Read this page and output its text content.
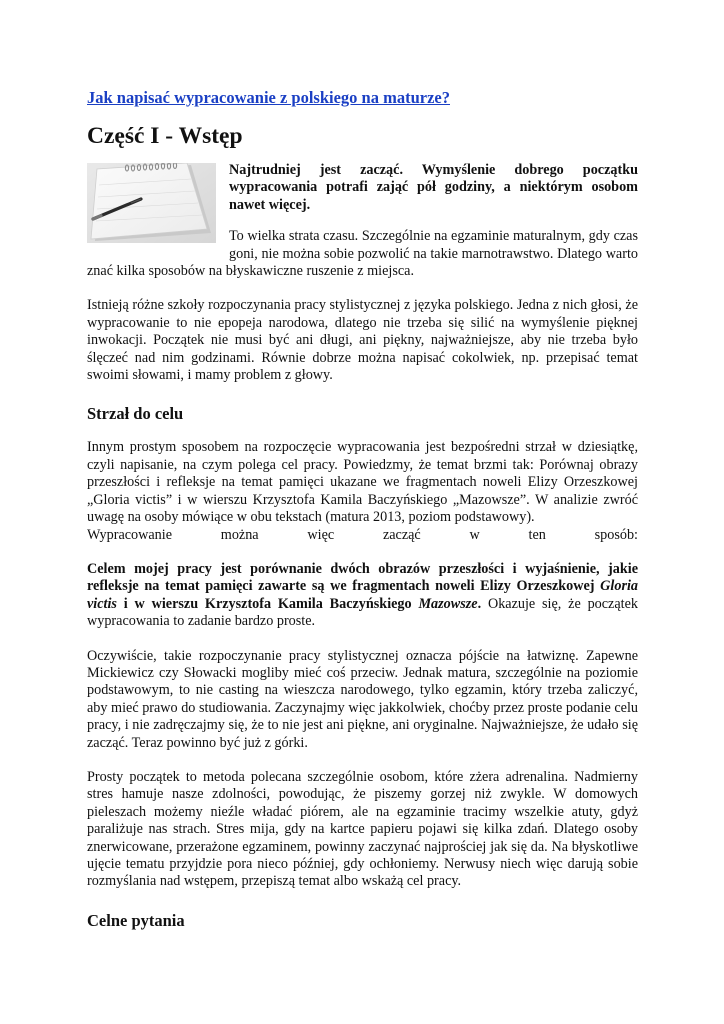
Jak napisać wypracowanie z polskiego na maturze?
Część I - Wstęp

Najtrudniej jest zacząć. Wymyślenie dobrego początku wypracowania potrafi zająć pół godziny, a niektórym osobom nawet więcej.

To wielka strata czasu. Szczególnie na egzaminie maturalnym, gdy czas goni, nie można sobie pozwolić na takie marnotrawstwo. Dlatego warto znać kilka sposobów na błyskawiczne ruszenie z miejsca.

Istnieją różne szkoły rozpoczynania pracy stylistycznej z języka polskiego. Jedna z nich głosi, że wypracowanie to nie epopeja narodowa, dlatego nie trzeba się silić na wymyślenie pięknej inwokacji. Początek nie musi być ani długi, ani piękny, najważniejsze, aby nie trzeba było ślęczeć nad nim godzinami. Równie dobrze można napisać cokolwiek, np. przepisać temat swoimi słowami, i mamy problem z głowy.

Strzał do celu

Innym prostym sposobem na rozpoczęcie wypracowania jest bezpośredni strzał w dziesiątkę, czyli napisanie, na czym polega cel pracy. Powiedzmy, że temat brzmi tak: Porównaj obrazy przeszłości i refleksje na temat pamięci ukazane we fragmentach noweli Elizy Orzeszkowej „Gloria victis” i w wierszu Krzysztofa Kamila Baczyńskiego „Mazowsze”. W analizie zwróć uwagę na osoby mówiące w obu tekstach (matura 2013, poziom podstawowy).

Wypracowanie można więc zacząć w ten sposób:

Celem mojej pracy jest porównanie dwóch obrazów przeszłości i wyjaśnienie, jakie refleksje na temat pamięci zawarte są we fragmentach noweli Elizy Orzeszkowej Gloria victis i w wierszu Krzysztofa Kamila Baczyńskiego Mazowsze. Okazuje się, że początek wypracowania to zadanie bardzo proste.

Oczywiście, takie rozpoczynanie pracy stylistycznej oznacza pójście na łatwiznę. Zapewne Mickiewicz czy Słowacki mogliby mieć coś przeciw. Jednak matura, szczególnie na poziomie podstawowym, to nie casting na wieszcza narodowego, tylko egzamin, który trzeba zaliczyć, aby mieć prawo do studiowania. Zaczynajmy więc jakkolwiek, choćby przez proste podanie celu pracy, i nie zadręczajmy się, że to nie jest ani piękne, ani oryginalne. Najważniejsze, że udało się zacząć. Teraz powinno być już z górki.

Prosty początek to metoda polecana szczególnie osobom, które zżera adrenalina. Nadmierny stres hamuje nasze zdolności, powodując, że piszemy gorzej niż zwykle. W domowych pieleszach możemy nieźle władać piórem, ale na egzaminie tracimy wszelkie atuty, gdyż paraliżuje nas strach. Stres mija, gdy na kartce papieru pojawi się kilka zdań. Dlatego osoby znerwicowane, przerażone egzaminem, powinny zaczynać najprościej jak się da. Na błyskotliwe ujęcie tematu przyjdzie pora nieco później, gdy ochłoniemy. Nerwusy niech więc darują sobie rozmyślania nad wstępem, przepiszą temat albo wskażą cel pracy.

Celne pytania
